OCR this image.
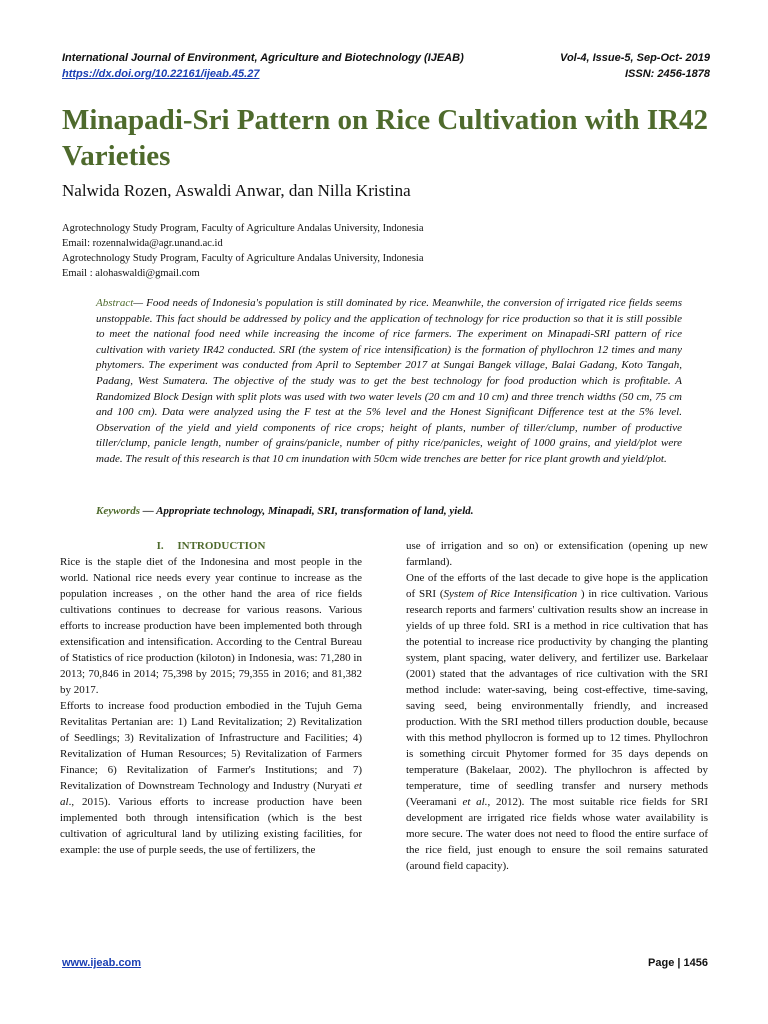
International Journal of Environment, Agriculture and Biotechnology (IJEAB)	Vol-4, Issue-5, Sep-Oct- 2019
https://dx.doi.org/10.22161/ijeab.45.27	ISSN: 2456-1878
Minapadi-Sri Pattern on Rice Cultivation with IR42 Varieties
Nalwida Rozen, Aswaldi Anwar, dan Nilla Kristina
Agrotechnology Study Program, Faculty of Agriculture Andalas University, Indonesia
Email: rozennalwida@agr.unand.ac.id
Agrotechnology Study Program, Faculty of Agriculture Andalas University, Indonesia
Email : alohaswaldi@gmail.com
Abstract— Food needs of Indonesia's population is still dominated by rice. Meanwhile, the conversion of irrigated rice fields seems unstoppable. This fact should be addressed by policy and the application of technology for rice production so that it is still possible to meet the national food need while increasing the income of rice farmers. The experiment on Minapadi-SRI pattern of rice cultivation with variety IR42 conducted. SRI (the system of rice intensification) is the formation of phyllochron 12 times and many phytomers. The experiment was conducted from April to September 2017 at Sungai Bangek village, Balai Gadang, Koto Tangah, Padang, West Sumatera. The objective of the study was to get the best technology for food production which is profitable. A Randomized Block Design with split plots was used with two water levels (20 cm and 10 cm) and three trench widths (50 cm, 75 cm and 100 cm). Data were analyzed using the F test at the 5% level and the Honest Significant Difference test at the 5% level. Observation of the yield and yield components of rice crops; height of plants, number of tiller/clump, number of productive tiller/clump, panicle length, number of grains/panicle, number of pithy rice/panicles, weight of 1000 grains, and yield/plot were made. The result of this research is that 10 cm inundation with 50cm wide trenches are better for rice plant growth and yield/plot.
Keywords — Appropriate technology, Minapadi, SRI, transformation of land, yield.
I. INTRODUCTION

Rice is the staple diet of the Indonesina and most people in the world. National rice needs every year continue to increase as the population increases , on the other hand the area of rice fields cultivations continues to decrease for various reasons. Various efforts to increase production have been implemented both through extensification and intensification. According to the Central Bureau of Statistics of rice production (kiloton) in Indonesia, was: 71,280 in 2013; 70,846 in 2014; 75,398 by 2015; 79,355 in 2016; and 81,382 by 2017.

Efforts to increase food production embodied in the Tujuh Gema Revitalitas Pertanian are: 1) Land Revitalization; 2) Revitalization of Seedlings; 3) Revitalization of Infrastructure and Facilities; 4) Revitalization of Human Resources; 5) Revitalization of Farmers Finance; 6) Revitalization of Farmer's Institutions; and 7) Revitalization of Downstream Technology and Industry (Nuryati et al., 2015). Various efforts to increase production have been implemented both through intensification (which is the best cultivation of agricultural land by utilizing existing facilities, for example: the use of purple seeds, the use of fertilizers, the

use of irrigation and so on) or extensification (opening up new farmland).

One of the efforts of the last decade to give hope is the application of SRI (System of Rice Intensification ) in rice cultivation. Various research reports and farmers' cultivation results show an increase in yields of up three fold. SRI is a method in rice cultivation that has the potential to increase rice productivity by changing the planting system, plant spacing, water delivery, and fertilizer use. Barkelaar (2001) stated that the advantages of rice cultivation with the SRI method include: water-saving, being cost-effective, time-saving, saving seed, being environmentally friendly, and increased production. With the SRI method tillers production double, because with this method phyllocron is formed up to 12 times. Phyllochron is something circuit Phytomer formed for 35 days depends on temperature (Bakelaar, 2002). The phyllochron is affected by temperature, time of seedling transfer and nursery methods (Veeramani et al., 2012). The most suitable rice fields for SRI development are irrigated rice fields whose water availability is more secure. The water does not need to flood the entire surface of the rice field, just enough to ensure the soil remains saturated (around field capacity).

www.ijeab.com	Page | 1456
